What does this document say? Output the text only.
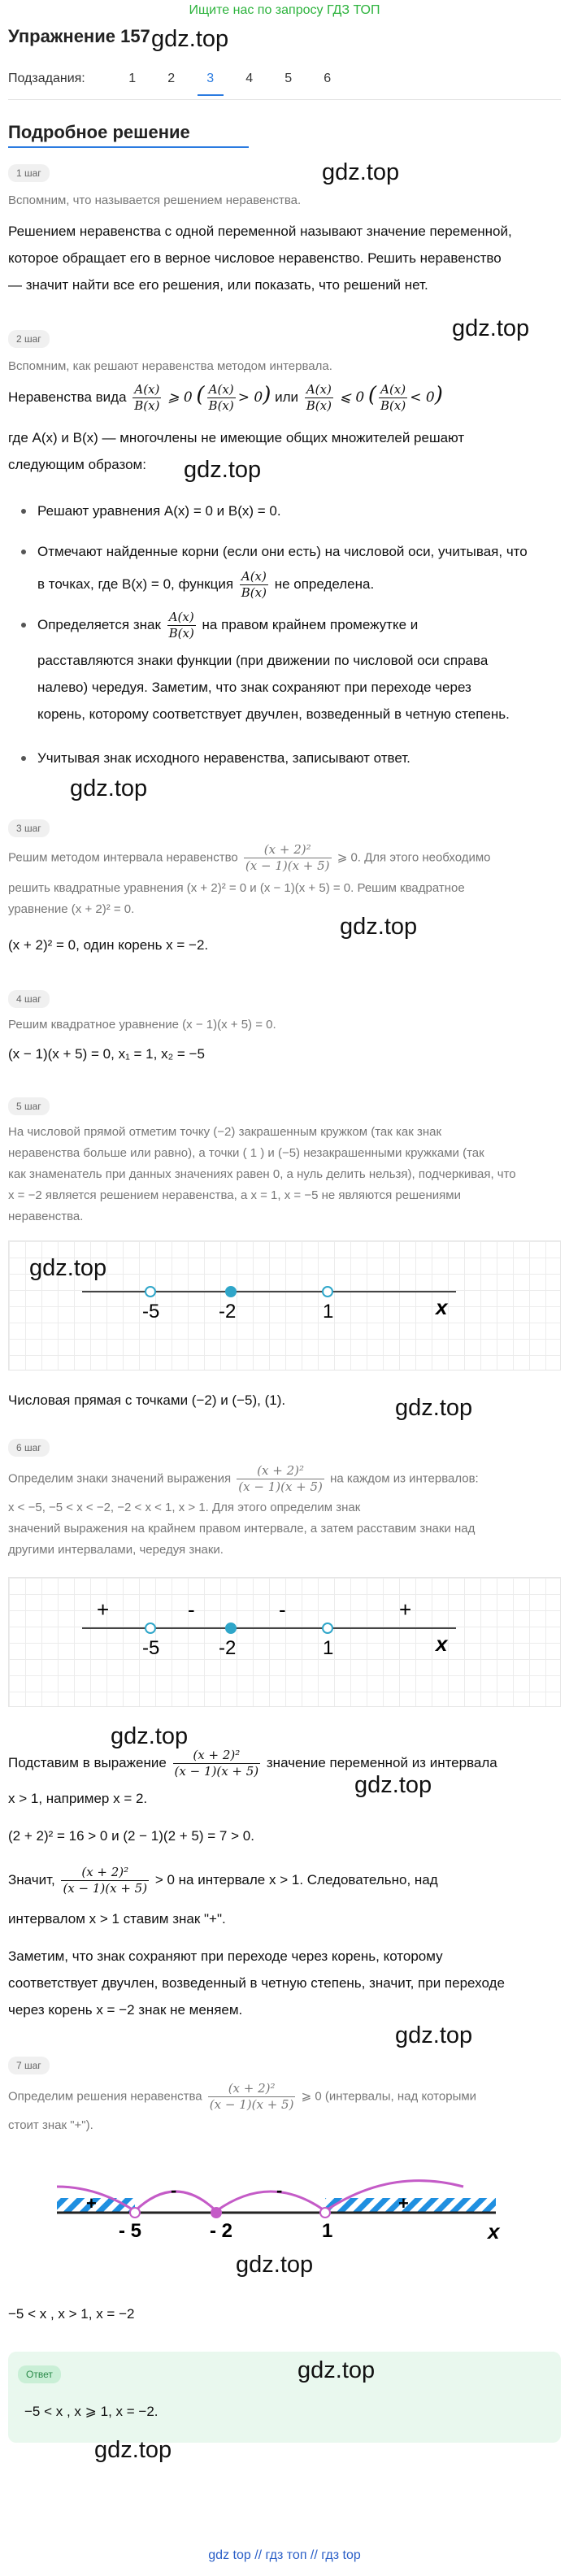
Ищите нас по запросу ГДЗ ТОП
Упражнение 157 gdz.top
Подзадания:	1	2	3	4	5	6
Подробное решение
1 шаг	gdz.top
Вспомним, что называется решением неравенства.
Решением неравенства с одной переменной называют значение переменной,
которое обращает его в верное числовое неравенство. Решить неравенство
— значит найти все его решения, или показать, что решений нет.
gdz.top
2 шаг
Вспомним, как решают неравенства методом интервала.
Неравенства вида $\frac{A(x)}{B(x)}$ ⩾ 0 ( $\frac{A(x)}{B(x)} > 0$) или $\frac{A(x)}{B(x)}$ ⩽ 0 ( $\frac{A(x)}{B(x)} < 0$)
где A(x) и B(x) — многочлены не имеющие общих множителей решают
следующим образом: gdz.top
Решают уравнения A(x) = 0 и B(x) = 0.
Отмечают найденные корни (если они есть) на числовой оси, учитывая, что
в точках, где B(x) = 0, функция $\frac{A(x)}{B(x)}$ не определена.
Определяется знак $\frac{A(x)}{B(x)}$ на правом крайнем промежутке и
расставляются знаки функции (при движении по числовой оси справа
налево) чередуя. Заметим, что знак сохраняют при переходе через
корень, которому соответствует двучлен, возведенный в четную степень.
Учитывая знак исходного неравенства, записывают ответ.
gdz.top
3 шаг
Решим методом интервала неравенство $\frac{\text{(x + 2)²}}{(x - 1)(x + 5)}$ ⩾ 0. Для этого необходимо
решить квадратные уравнения (x + 2)² = 0 и (x − 1)(x + 5) = 0. Решим квадратное
уравнение (x + 2)² = 0.
gdz.top
(x + 2)² = 0, один корень x = −2.
4 шаг
Решим квадратное уравнение (x − 1)(x + 5) = 0.
(x − 1)(x + 5) = 0, x₁ = 1, x₂ = −5
5 шаг
На числовой прямой отметим точку (−2) закрашенным кружком (так как знак
неравенства больше или равно), а точки ( 1 ) и (−5) незакрашенными кружками (так
как знаменатель при данных значениях равен 0, а нуль делить нельзя), подчеркивая, что
x = −2 является решением неравенства, а x = 1, x = −5 не являются решениями
неравенства.
-5	-2	1	x
gdz.top
Числовая прямая с точками (−2) и (−5), (1).	gdz.top
6 шаг
Определим знаки значений выражения $\frac{\text{(x + 2)²}}{(x - 1)(x + 5)}$ на каждом из интервалов:
x < −5, −5 < x < −2, −2 < x < 1, x > 1. Для этого определим знак
значений выражения на крайнем правом интервале, а затем расставим знаки над
другими интервалами, чередуя знаки.
+	-	-	+
-5	-2	1	x
gdz.top
Подставим в выражение $\frac{\text{(x + 2)²}}{(x - 1)(x + 5)}$ значение переменной из интервала
gdz.top
x > 1, например x = 2.
(2 + 2)² = 16 > 0 и (2 − 1)(2 + 5) = 7 > 0.
Значит, $\frac{\text{(x + 2)²}}{(x - 1)(x + 5)} > 0$ на интервале x > 1. Следовательно, над
интервалом x > 1 ставим знак "+".
Заметим, что знак сохраняют при переходе через корень, которому
соответствует двучлен, возведенный в четную степень, значит, при переходе
через корень x = −2 знак не меняем.
gdz.top
7 шаг
Определим решения неравенства $\frac{\text{(x + 2)²}}{(x - 1)(x + 5)}$ ⩾ 0 (интервалы, над которыми
стоит знак "+").
+
-	-
+
- 5	- 2	1	x
gdz.top
−5 < x , x > 1, x = −2
Ответ	gdz.top
−5 < x , x ⩾ 1, x = −2.
gdz.top
gdz top // гдз топ // гдз top
